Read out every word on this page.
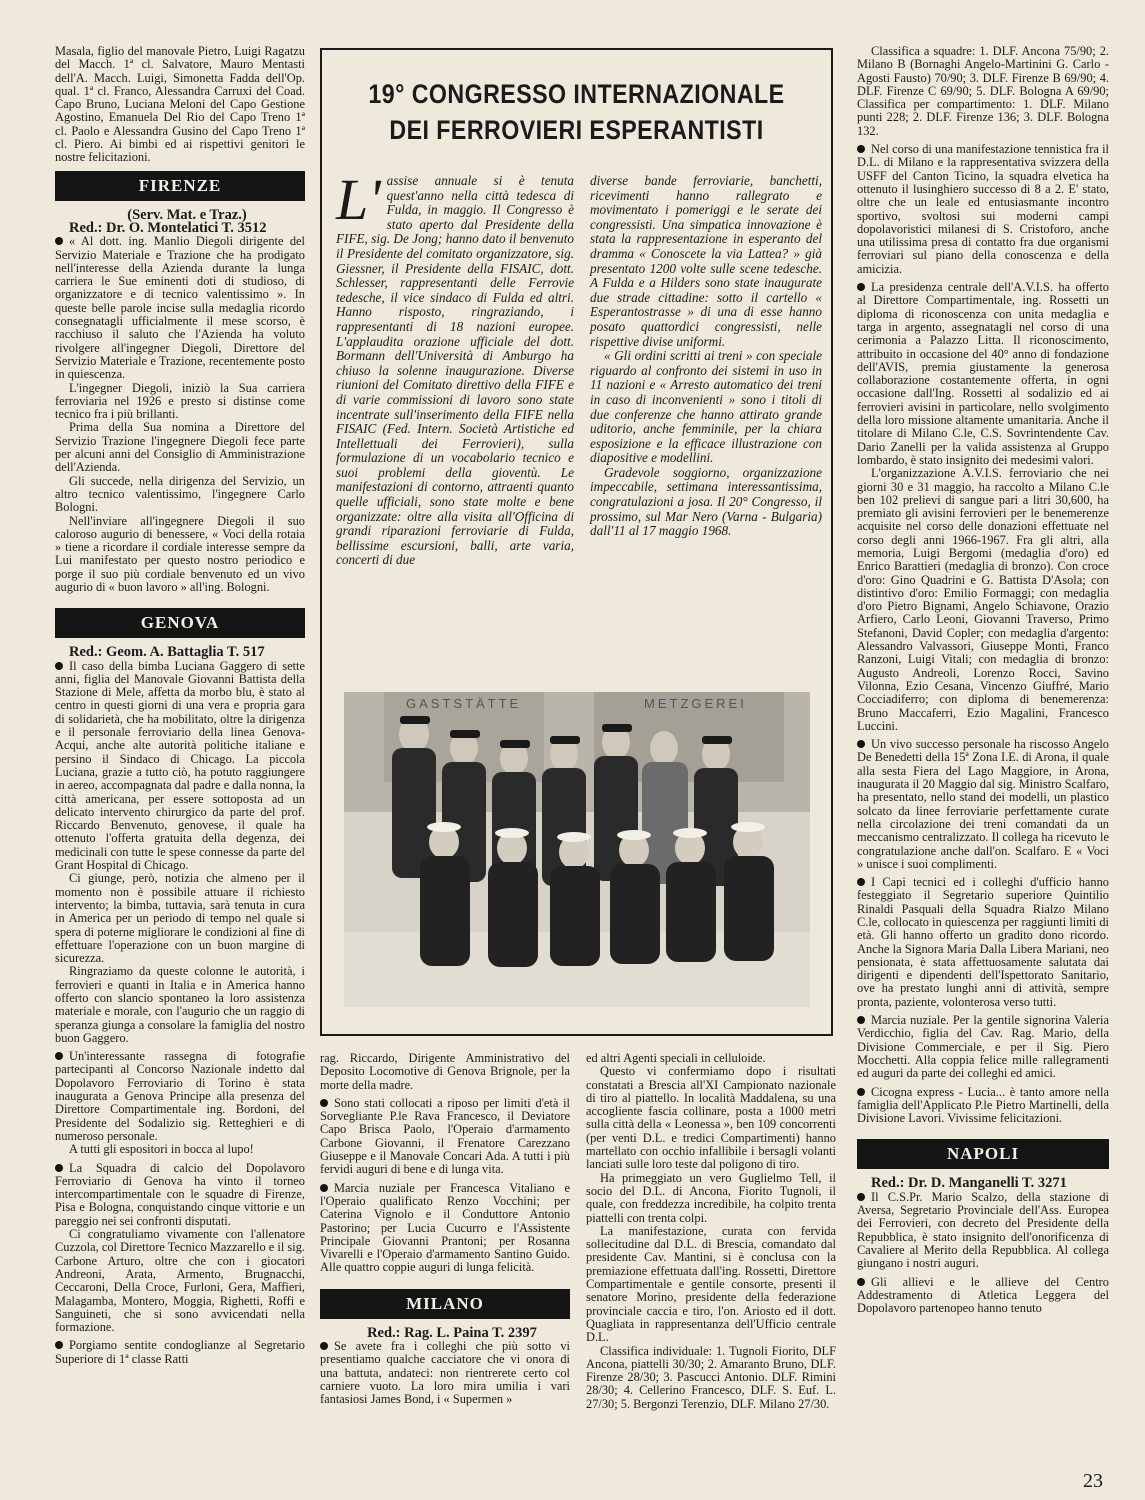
Masala, figlio del manovale Pietro, Luigi Ragatzu del Macch. 1ª cl. Salvatore, Mauro Mentasti dell'A. Macch. Luigi, Simonetta Fadda dell'Op. qual. 1ª cl. Franco, Alessandra Carruxi del Coad. Capo Bruno, Luciana Meloni del Capo Gestione Agostino, Emanuela Del Rio del Capo Treno 1ª cl. Paolo e Alessandra Gusino del Capo Treno 1ª cl. Piero. Ai bimbi ed ai rispettivi genitori le nostre felicitazioni.

FIRENZE

(Serv. Mat. e Traz.)

Red.: Dr. O. Montelatici T. 3512

« Al dott. ing. Manlio Diegoli dirigente del Servizio Materiale e Trazione che ha prodigato nell'interesse della Azienda durante la lunga carriera le Sue eminenti doti di studioso, di organizzatore e di tecnico valentissimo ». In queste belle parole incise sulla medaglia ricordo consegnatagli ufficialmente il mese scorso, è racchiuso il saluto che l'Azienda ha voluto rivolgere all'ingegner Diegoli, Direttore del Servizio Materiale e Trazione, recentemente posto in quiescenza.

L'ingegner Diegoli, iniziò la Sua carriera ferroviaria nel 1926 e presto si distinse come tecnico fra i più brillanti.

Prima della Sua nomina a Direttore del Servizio Trazione l'ingegnere Diegoli fece parte per alcuni anni del Consiglio di Amministrazione dell'Azienda.

Gli succede, nella dirigenza del Servizio, un altro tecnico valentissimo, l'ingegnere Carlo Bologni.

Nell'inviare all'ingegnere Diegoli il suo caloroso augurio di benessere, « Voci della rotaia » tiene a ricordare il cordiale interesse sempre da Lui manifestato per questo nostro periodico e porge il suo più cordiale benvenuto ed un vivo augurio di « buon lavoro » all'ing. Bologni.

GENOVA

Red.: Geom. A. Battaglia T. 517

Il caso della bimba Luciana Gaggero di sette anni, figlia del Manovale Giovanni Battista della Stazione di Mele, affetta da morbo blu, è stato al centro in questi giorni di una vera e propria gara di solidarietà, che ha mobilitato, oltre la dirigenza e il personale ferroviario della linea Genova-Acqui, anche alte autorità politiche italiane e persino il Sindaco di Chicago. La piccola Luciana, grazie a tutto ciò, ha potuto raggiungere in aereo, accompagnata dal padre e dalla nonna, la città americana, per essere sottoposta ad un delicato intervento chirurgico da parte del prof. Riccardo Benvenuto, genovese, il quale ha ottenuto l'offerta gratuita della degenza, dei medicinali con tutte le spese connesse da parte del Grant Hospital di Chicago.

Ci giunge, però, notizia che almeno per il momento non è possibile attuare il richiesto intervento; la bimba, tuttavia, sarà tenuta in cura in America per un periodo di tempo nel quale si spera di poterne migliorare le condizioni al fine di effettuare l'operazione con un buon margine di sicurezza.

Ringraziamo da queste colonne le autorità, i ferrovieri e quanti in Italia e in America hanno offerto con slancio spontaneo la loro assistenza materiale e morale, con l'augurio che un raggio di speranza giunga a consolare la famiglia del nostro buon Gaggero.

Un'interessante rassegna di fotografie partecipanti al Concorso Nazionale indetto dal Dopolavoro Ferroviario di Torino è stata inaugurata a Genova Principe alla presenza del Direttore Compartimentale ing. Bordoni, del Presidente del Sodalizio sig. Retteghieri e di numeroso personale.

A tutti gli espositori in bocca al lupo!

La Squadra di calcio del Dopolavoro Ferroviario di Genova ha vinto il torneo intercompartimentale con le squadre di Firenze, Pisa e Bologna, conquistando cinque vittorie e un pareggio nei sei confronti disputati.

Ci congratuliamo vivamente con l'allenatore Cuzzola, col Direttore Tecnico Mazzarello e il sig. Carbone Arturo, oltre che con i giocatori Andreoni, Arata, Armento, Brugnacchi, Ceccaroni, Della Croce, Furloni, Gera, Maffieri, Malagamba, Montero, Moggia, Righetti, Roffi e Sanguineti, che si sono avvicendati nella formazione.

Porgiamo sentite condoglianze al Segretario Superiore di 1ª classe Ratti

19° CONGRESSO INTERNAZIONALE
DEI FERROVIERI ESPERANTISTI
L' assise annuale si è tenuta quest'anno nella città tedesca di Fulda, in maggio. Il Congresso è stato aperto dal Presidente della FIFE, sig. De Jong; hanno dato il benvenuto il Presidente del comitato organizzatore, sig. Giessner, il Presidente della FISAIC, dott. Schlesser, rappresentanti delle Ferrovie tedesche, il vice sindaco di Fulda ed altri. Hanno risposto, ringraziando, i rappresentanti di 18 nazioni europee. L'applaudita orazione ufficiale del dott. Bormann dell'Università di Amburgo ha chiuso la solenne inaugurazione. Diverse riunioni del Comitato direttivo della FIFE e di varie commissioni di lavoro sono state incentrate sull'inserimento della FIFE nella FISAIC (Fed. Intern. Società Artistiche ed Intellettuali dei Ferrovieri), sulla formulazione di un vocabolario tecnico e suoi problemi della gioventù. Le manifestazioni di contorno, attraenti quanto quelle ufficiali, sono state molte e bene organizzate: oltre alla visita all'Officina di grandi riparazioni ferroviarie di Fulda, bellissime escursioni, balli, arte varia, concerti di due
diverse bande ferroviarie, banchetti, ricevimenti hanno rallegrato e movimentato i pomeriggi e le serate dei congressisti. Una simpatica innovazione è stata la rappresentazione in esperanto del dramma « Conoscete la via Lattea? » già presentato 1200 volte sulle scene tedesche. A Fulda e a Hilders sono state inaugurate due strade cittadine: sotto il cartello « Esperantostrasse » di una di esse hanno posato quattordici congressisti, nelle rispettive divise uniformi.
« Gli ordini scritti ai treni » con speciale riguardo al confronto dei sistemi in uso in 11 nazioni e « Arresto automatico dei treni in caso di inconvenienti » sono i titoli di due conferenze che hanno attirato grande uditorio, anche femminile, per la chiara esposizione e la efficace illustrazione con diapositive e modellini.
Gradevole soggiorno, organizzazione impeccabile, settimana interessantissima, congratulazioni a josa. Il 20° Congresso, il prossimo, sul Mar Nero (Varna - Bulgaria) dall'11 al 17 maggio 1968.
GASTSTÄTTE	METZGEREI

rag. Riccardo, Dirigente Amministrativo del Deposito Locomotive di Genova Brignole, per la morte della madre.

Sono stati collocati a riposo per limiti d'età il Sorvegliante P.le Rava Francesco, il Deviatore Capo Brisca Paolo, l'Operaio d'armamento Carbone Giovanni, il Frenatore Carezzano Giuseppe e il Manovale Concari Ada. A tutti i più fervidi auguri di bene e di lunga vita.

Marcia nuziale per Francesca Vitaliano e l'Operaio qualificato Renzo Vocchini; per Caterina Vignolo e il Conduttore Antonio Pastorino; per Lucia Cucurro e l'Assistente Principale Giovanni Prantoni; per Rosanna Vivarelli e l'Operaio d'armamento Santino Guido. Alle quattro coppie auguri di lunga felicità.

MILANO

Red.: Rag. L. Paina T. 2397

Se avete fra i colleghi che più sotto vi presentiamo qualche cacciatore che vi onora di una battuta, andateci: non rientrerete certo col carniere vuoto. La loro mira umilia i vari fantasiosi James Bond, i « Supermen »

ed altri Agenti speciali in celluloide.

Questo vi confermiamo dopo i risultati constatati a Brescia all'XI Campionato nazionale di tiro al piattello. In località Maddalena, su una accogliente fascia collinare, posta a 1000 metri sulla città della « Leonessa », ben 109 concorrenti (per venti D.L. e tredici Compartimenti) hanno martellato con occhio infallibile i bersagli volanti lanciati sulle loro teste dal poligono di tiro.

Ha primeggiato un vero Guglielmo Tell, il socio del D.L. di Ancona, Fiorito Tugnoli, il quale, con freddezza incredibile, ha colpito trenta piattelli con trenta colpi.

La manifestazione, curata con fervida sollecitudine dal D.L. di Brescia, comandato dal presidente Cav. Mantini, si è conclusa con la premiazione effettuata dall'ing. Rossetti, Direttore Compartimentale e gentile consorte, presenti il senatore Morino, presidente della federazione provinciale caccia e tiro, l'on. Ariosto ed il dott. Quagliata in rappresentanza dell'Ufficio centrale D.L.

Classifica individuale: 1. Tugnoli Fiorito, DLF Ancona, piattelli 30/30; 2. Amaranto Bruno, DLF. Firenze 28/30; 3. Pascucci Antonio. DLF. Rimini 28/30; 4. Cellerino Francesco, DLF. S. Euf. L. 27/30; 5. Bergonzi Terenzio, DLF. Milano 27/30.

Classifica a squadre: 1. DLF. Ancona 75/90; 2. Milano B (Bornaghi Angelo-Martinini G. Carlo - Agosti Fausto) 70/90; 3. DLF. Firenze B 69/90; 4. DLF. Firenze C 69/90; 5. DLF. Bologna A 69/90; Classifica per compartimento: 1. DLF. Milano punti 228; 2. DLF. Firenze 136; 3. DLF. Bologna 132.

Nel corso di una manifestazione tennistica fra il D.L. di Milano e la rappresentativa svizzera della USFF del Canton Ticino, la squadra elvetica ha ottenuto il lusinghiero successo di 8 a 2. E' stato, oltre che un leale ed entusiasmante incontro sportivo, svoltosi sui moderni campi dopolavoristici milanesi di S. Cristoforo, anche una utilissima presa di contatto fra due organismi ferroviari sul piano della conoscenza e della amicizia.

La presidenza centrale dell'A.V.I.S. ha offerto al Direttore Compartimentale, ing. Rossetti un diploma di riconoscenza con unita medaglia e targa in argento, assegnatagli nel corso di una cerimonia a Palazzo Litta. Il riconoscimento, attribuito in occasione del 40° anno di fondazione dell'AVIS, premia giustamente la generosa collaborazione costantemente offerta, in ogni occasione dall'Ing. Rossetti al sodalizio ed ai ferrovieri avisini in particolare, nello svolgimento della loro missione altamente umanitaria. Anche il titolare di Milano C.le, C.S. Sovrintendente Cav. Dario Zanelli per la valida assistenza al Gruppo lombardo, è stato insignito dei medesimi valori.

L'organizzazione A.V.I.S. ferroviario che nei giorni 30 e 31 maggio, ha raccolto a Milano C.le ben 102 prelievi di sangue pari a litri 30,600, ha premiato gli avisini ferrovieri per le benemerenze acquisite nel corso delle donazioni effettuate nel corso degli anni 1966-1967. Fra gli altri, alla memoria, Luigi Bergomi (medaglia d'oro) ed Enrico Barattieri (medaglia di bronzo). Con croce d'oro: Gino Quadrini e G. Battista D'Asola; con distintivo d'oro: Emilio Formaggi; con medaglia d'oro Pietro Bignami, Angelo Schiavone, Orazio Arfiero, Carlo Leoni, Giovanni Traverso, Primo Stefanoni, David Copler; con medaglia d'argento: Alessandro Valvassori, Giuseppe Monti, Franco Ranzoni, Luigi Vitali; con medaglia di bronzo: Augusto Andreoli, Lorenzo Rocci, Savino Vilonna, Ezio Cesana, Vincenzo Giuffré, Mario Cocciadiferro; con diploma di benemerenza: Bruno Maccaferri, Ezio Magalini, Francesco Luccini.

Un vivo successo personale ha riscosso Angelo De Benedetti della 15ª Zona I.E. di Arona, il quale alla sesta Fiera del Lago Maggiore, in Arona, inaugurata il 20 Maggio dal sig. Ministro Scalfaro, ha presentato, nello stand dei modelli, un plastico solcato da linee ferroviarie perfettamente curate nella circolazione dei treni comandati da un meccanismo centralizzato. Il collega ha ricevuto le congratulazione anche dall'on. Scalfaro. E « Voci » unisce i suoi complimenti.

I Capi tecnici ed i colleghi d'ufficio hanno festeggiato il Segretario superiore Quintilio Rinaldi Pasquali della Squadra Rialzo Milano C.le, collocato in quiescenza per raggiunti limiti di età. Gli hanno offerto un gradito dono ricordo. Anche la Signora Maria Dalla Libera Mariani, neo pensionata, è stata affettuosamente salutata dai dirigenti e dipendenti dell'Ispettorato Sanitario, ove ha prestato lunghi anni di attività, sempre pronta, paziente, volonterosa verso tutti.

Marcia nuziale. Per la gentile signorina Valeria Verdicchio, figlia del Cav. Rag. Mario, della Divisione Commerciale, e per il Sig. Piero Mocchetti. Alla coppia felice mille rallegramenti ed auguri da parte dei colleghi ed amici.

Cicogna express - Lucia... è tanto amore nella famiglia dell'Applicato P.le Pietro Martinelli, della Divisione Lavori. Vivissime felicitazioni.

NAPOLI

Red.: Dr. D. Manganelli T. 3271

Il C.S.Pr. Mario Scalzo, della stazione di Aversa, Segretario Provinciale dell'Ass. Europea dei Ferrovieri, con decreto del Presidente della Repubblica, è stato insignito dell'onorificenza di Cavaliere al Merito della Repubblica. Al collega giungano i nostri auguri.

Gli allievi e le allieve del Centro Addestramento di Atletica Leggera del Dopolavoro partenopeo hanno tenuto

23
